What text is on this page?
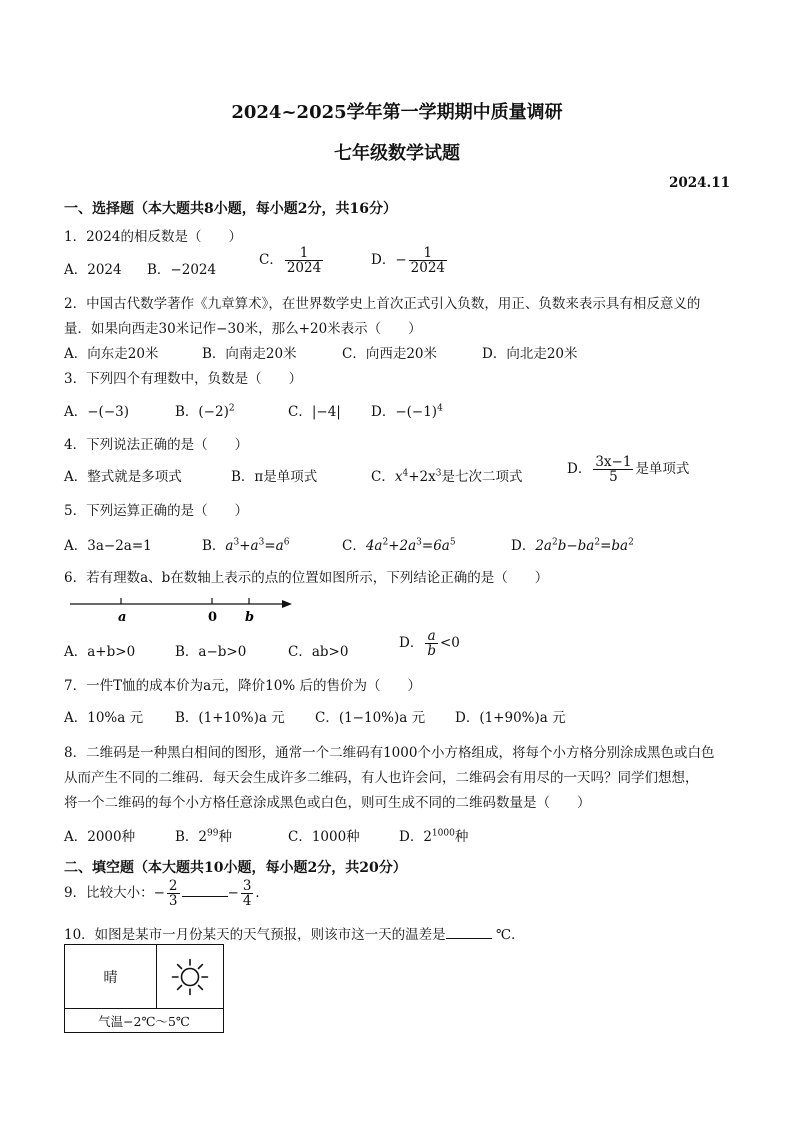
2024~2025学年第一学期期中质量调研
七年级数学试题
2024.11
一、选择题（本大题共8小题，每小题2分，共16分）
1．2024的相反数是（　　）
A．2024 B．−2024
C． $\frac{1}{2024}$	D．− $\frac{1}{2024}$
2．中国古代数学著作《九章算术》，在世界数学史上首次正式引入负数，用正、负数来表示具有相反意义的
量．如果向西走30米记作−30米，那么+20米表示（　　）
A．向东走20米	B．向南走20米	C．向西走20米	D．向北走20米
3．下列四个有理数中，负数是（　　）
A．−(−3)	B．$(-2)^2$	C．|−4| D．$-(-1)^4$
4．下列说法正确的是（　　）
A．整式就是多项式	B．π是单项式	C．$x^4+2x^3$是七次二项式	D． $\frac{3x-1}{5}$ 是单项式
5．下列运算正确的是（　　）
A．3a−2a=1	B．$a^3+a^3=a^6$	C．$4a^2+2a^3=6a^5$	D．$2a^2b-ba^2=ba^2$
6．若有理数a、b在数轴上表示的点的位置如图所示，下列结论正确的是（　　）
a	0 b
A．a+b>0	B．a−b>0	C．ab>0
D． $\frac{a}{b} <0$
7．一件T恤的成本价为a元，降价10% 后的售价为（　　）
A．10%a 元 B．(1+10%)a 元 C．(1−10%)a 元 D．(1+90%)a 元
8．二维码是一种黑白相间的图形，通常一个二维码有1000个小方格组成，将每个小方格分别涂成黑色或白色
从而产生不同的二维码．每天会生成许多二维码，有人也许会问，二维码会有用尽的一天吗？同学们想想，
将一个二维码的每个小方格任意涂成黑色或白色，则可生成不同的二维码数量是（　　）
A．2000种	B．$2^{99}$种	C．1000种	D．$2^{1000}$种
二、填空题（本大题共10小题，每小题2分，共20分）
9．比较大小：− $\frac{2}{3}$	− $\frac{3}{4}$ ．
10．如图是某市一月份某天的天气预报，则该市这一天的温差是	℃．
晴
气温−2℃～5℃
